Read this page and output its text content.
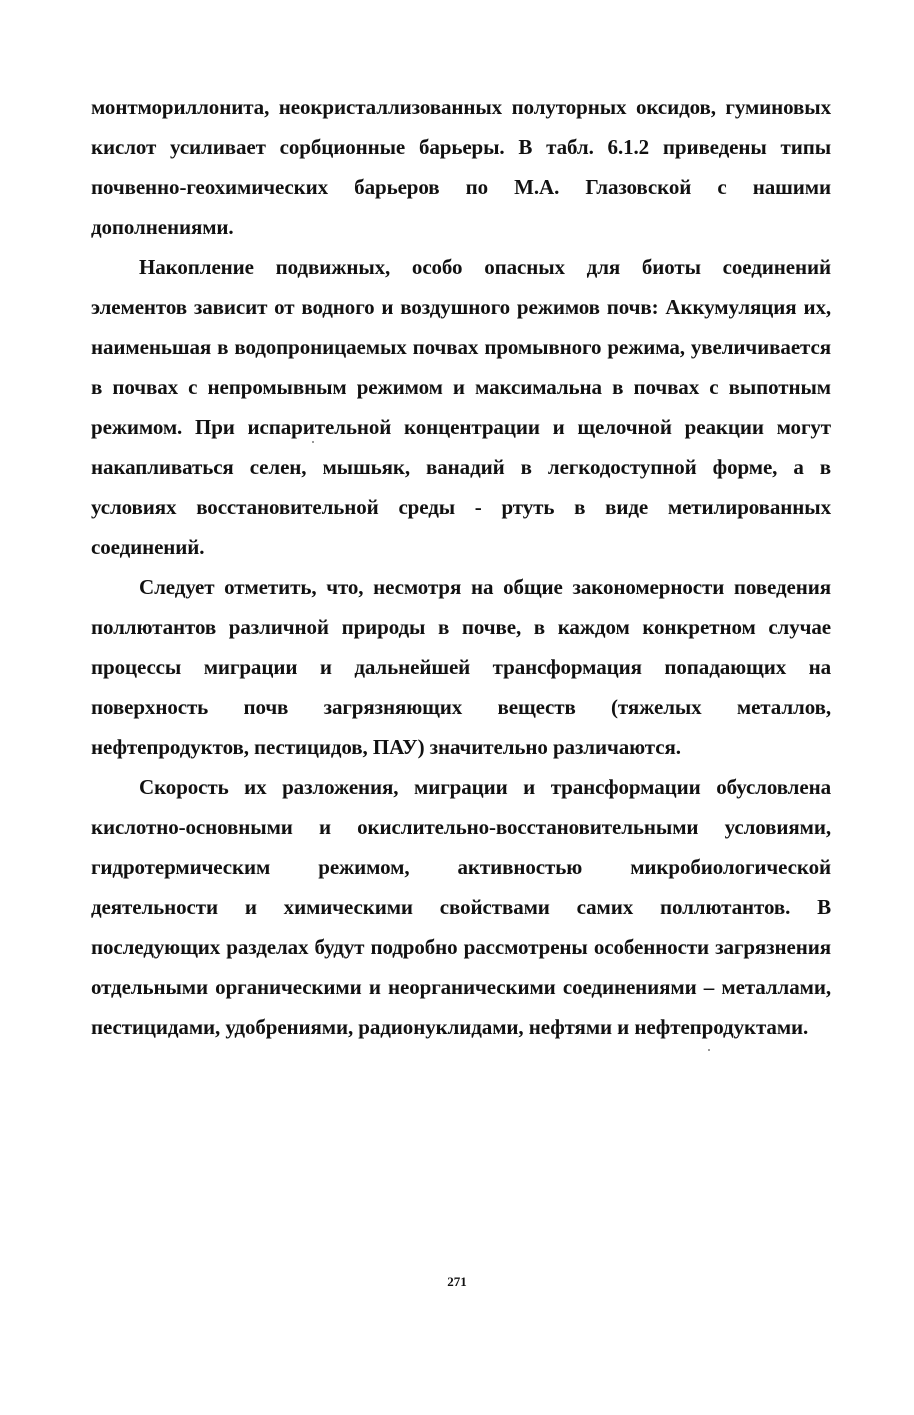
монтмориллонита, неокристаллизованных полуторных оксидов, гуминовых кислот усиливает сорбционные барьеры. В табл. 6.1.2 приведены типы почвенно-геохимических барьеров по М.А. Глазовской с нашими дополнениями.

Накопление подвижных, особо опасных для биоты соединений элементов зависит от водного и воздушного режимов почв: Аккумуляция их, наименьшая в водопроницаемых почвах промывного режима, увеличивается в почвах с непромывным режимом и максимальна в почвах с выпотным режимом. При испарительной концентрации и щелочной реакции могут накапливаться селен, мышьяк, ванадий в легкодоступной форме, а в условиях восстановительной среды - ртуть в виде метилированных соединений.

Следует отметить, что, несмотря на общие закономерности поведения поллютантов различной природы в почве, в каждом конкретном случае процессы миграции и дальнейшей трансформация попадающих на поверхность почв загрязняющих веществ (тяжелых металлов, нефтепродуктов, пестицидов, ПАУ) значительно различаются.

Скорость их разложения, миграции и трансформации обусловлена кислотно-основными и окислительно-восстановительными условиями, гидротермическим режимом, активностью микробиологической деятельности и химическими свойствами самих поллютантов. В последующих разделах будут подробно рассмотрены особенности загрязнения отдельными органическими и неорганическими соединениями – металлами, пестицидами, удобрениями, радионуклидами, нефтями и нефтепродуктами.

271
